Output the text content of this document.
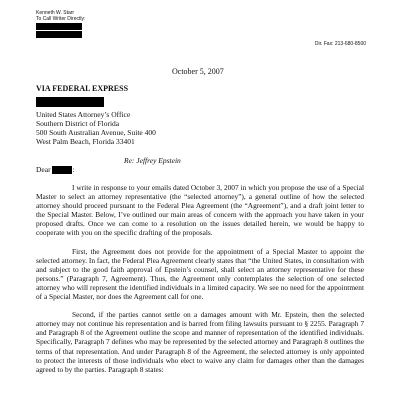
Kenneth W. Starr
To Call Writer Directly:
Dir. Fax: 213-680-8500
October 5, 2007
VIA FEDERAL EXPRESS
United States Attorney’s Office
Southern District of Florida
500 South Australian Avenue, Suite 400
West Palm Beach, Florida 33401
Re: Jeffrey Epstein
Dear	:

I write in response to your emails dated October 3, 2007 in which you propose the use of a Special Master to select an attorney representative (the “selected attorney”), a general outline of how the selected attorney should proceed pursuant to the Federal Plea Agreement (the “Agreement”), and a draft joint letter to the Special Master. Below, I’ve outlined our main areas of concern with the approach you have taken in your proposed drafts. Once we can come to a resolution on the issues detailed herein, we would be happy to cooperate with you on the specific drafting of the proposals.

First, the Agreement does not provide for the appointment of a Special Master to appoint the selected attorney. In fact, the Federal Plea Agreement clearly states that “the United States, in consultation with and subject to the good faith approval of Epstein’s counsel, shall select an attorney representative for these persons.” (Paragraph 7, Agreement). Thus, the Agreement only contemplates the selection of one selected attorney who will represent the identified individuals in a limited capacity. We see no need for the appointment of a Special Master, nor does the Agreement call for one.

Second, if the parties cannot settle on a damages amount with Mr. Epstein, then the selected attorney may not continue his representation and is barred from filing lawsuits pursuant to § 2255. Paragraph 7 and Paragraph 8 of the Agreement outline the scope and manner of representation of the identified individuals. Specifically, Paragraph 7 defines who may be represented by the selected attorney and Paragraph 8 outlines the terms of that representation. And under Paragraph 8 of the Agreement, the selected attorney is only appointed to protect the interests of those individuals who elect to waive any claim for damages other than the damages agreed to by the parties. Paragraph 8 states:
